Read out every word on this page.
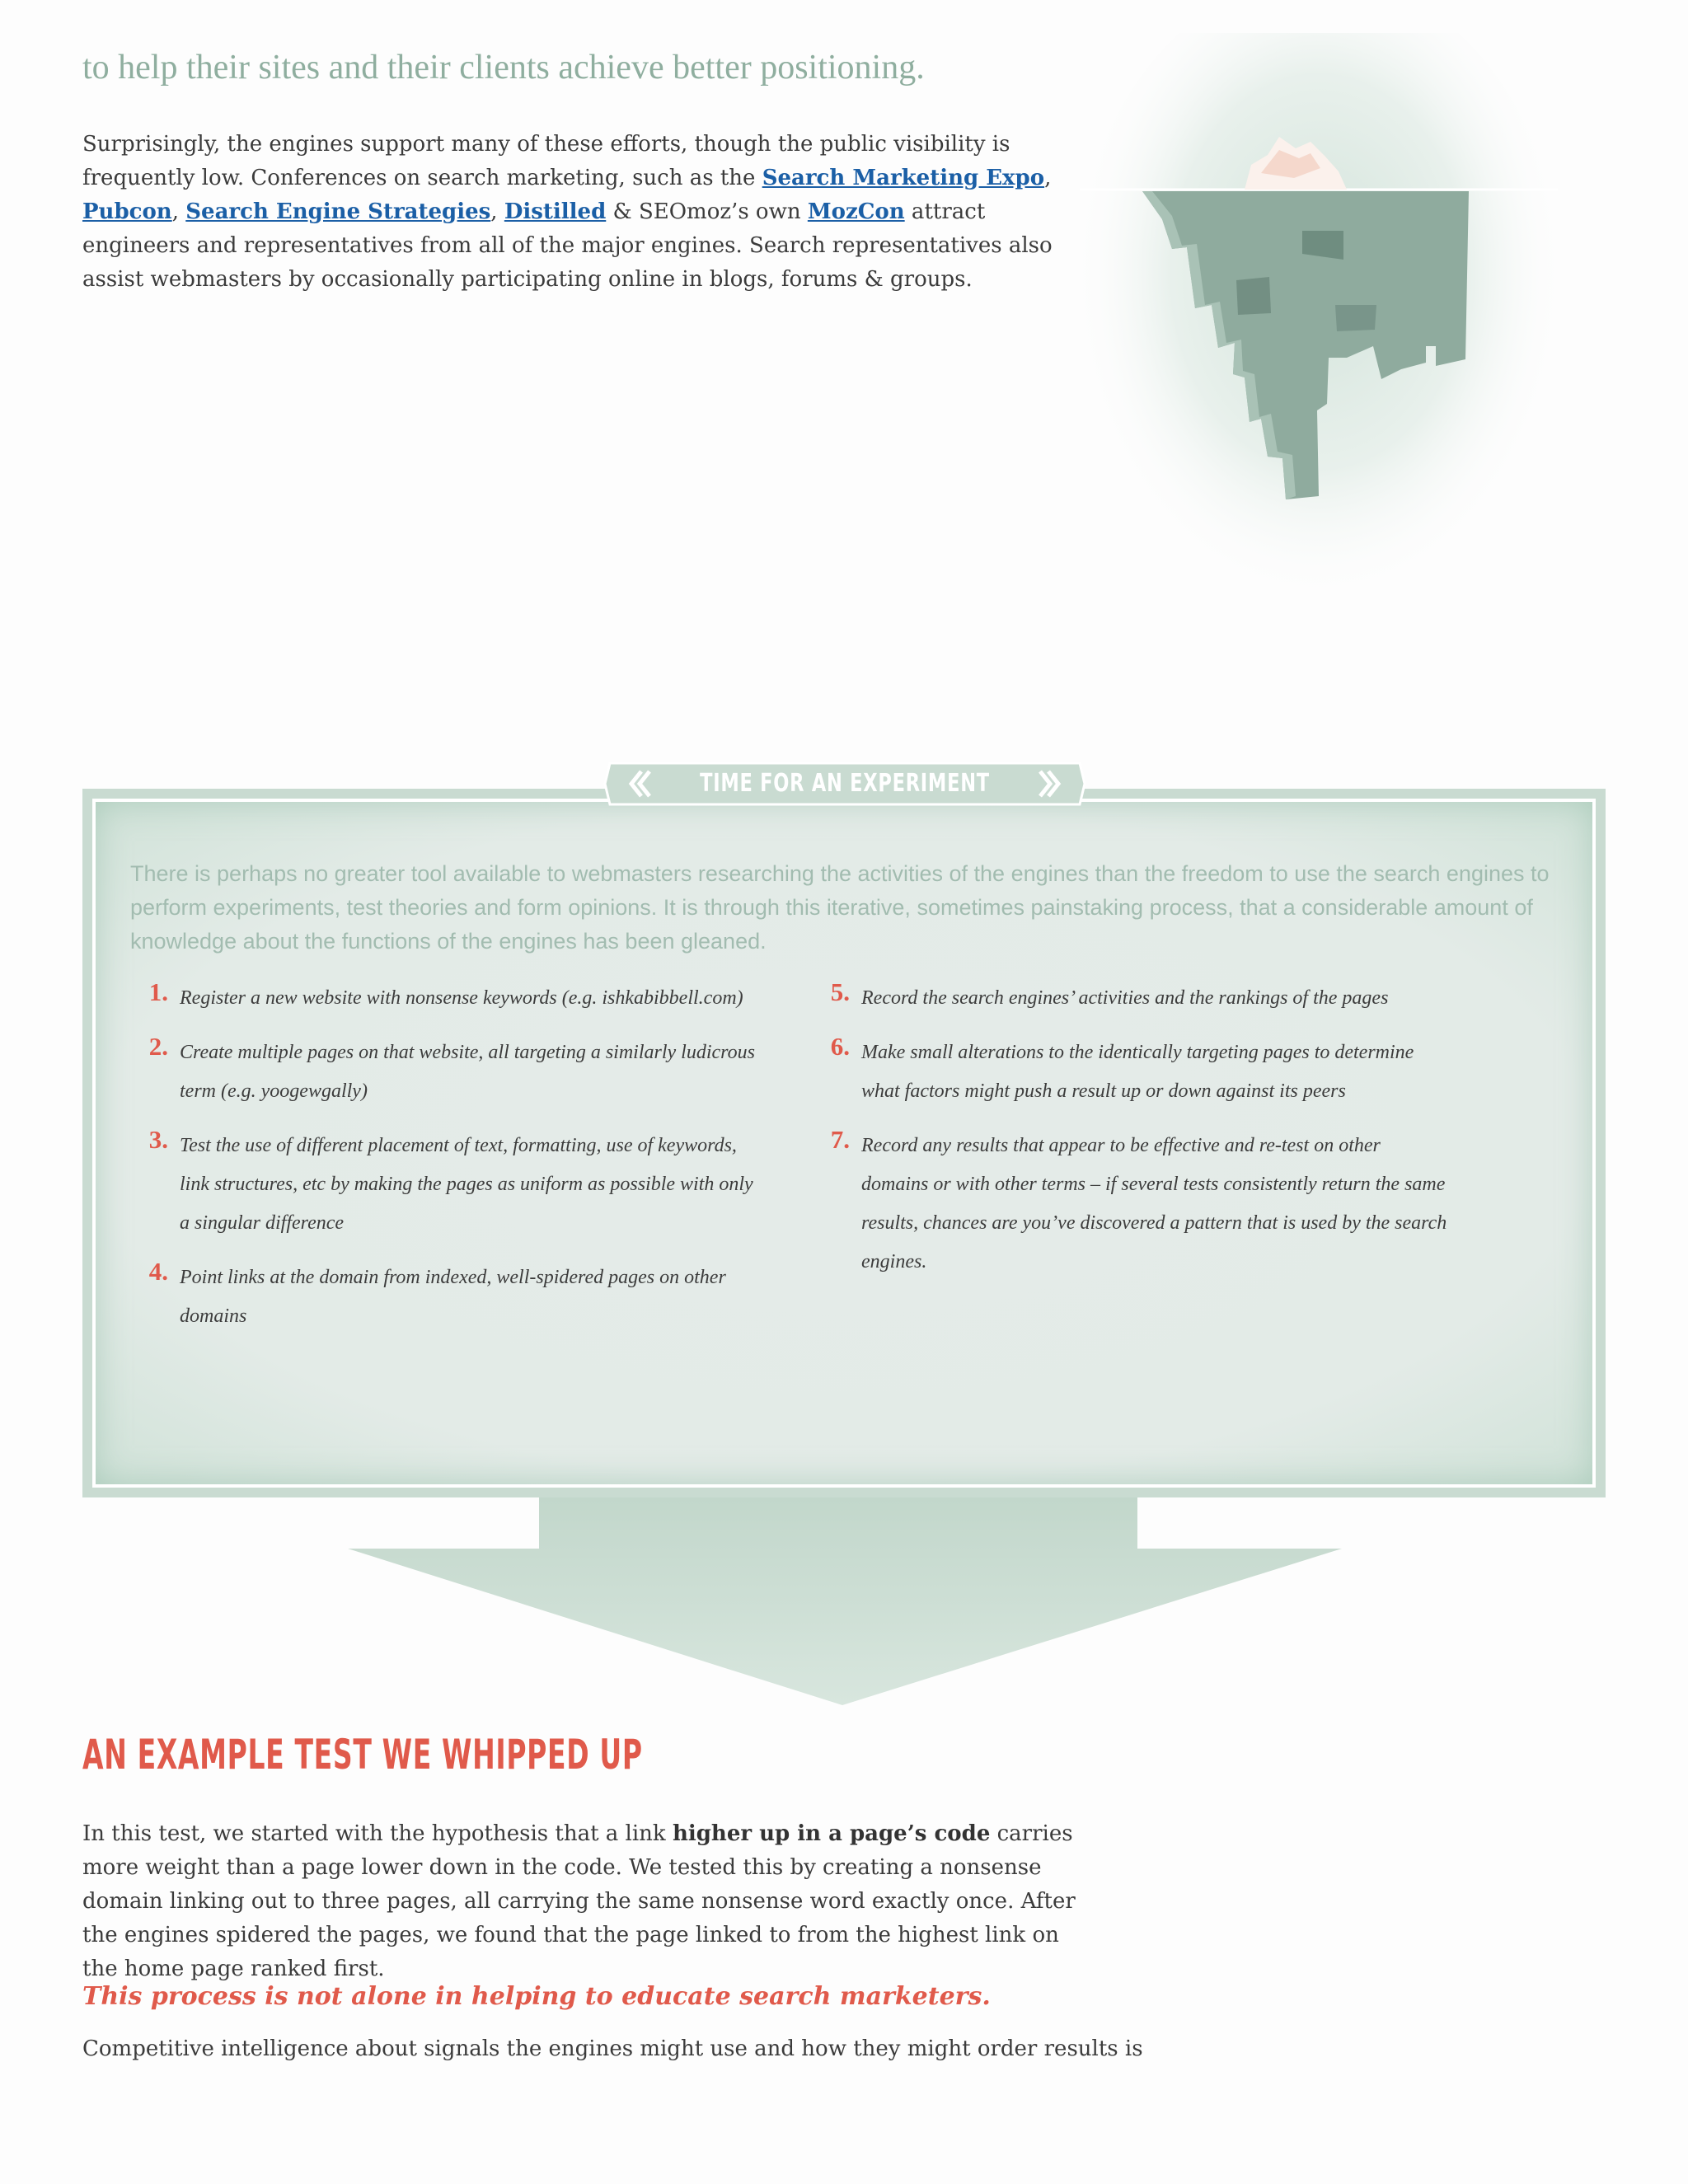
to help their sites and their clients achieve better positioning.

Surprisingly, the engines support many of these efforts, though the public visibility is frequently low. Conferences on search marketing, such as the Search Marketing Expo, Pubcon, Search Engine Strategies, Distilled & SEOmoz’s own MozCon attract engineers and representatives from all of the major engines. Search representatives also assist webmasters by occasionally participating online in blogs, forums & groups.

TIME FOR AN EXPERIMENT

There is perhaps no greater tool available to webmasters researching the activities of the engines than the freedom to use the search engines to perform experiments, test theories and form opinions. It is through this iterative, sometimes painstaking process, that a considerable amount of knowledge about the functions of the engines has been gleaned.

1. Register a new website with nonsense keywords (e.g. ishkabibbell.com)
2. Create multiple pages on that website, all targeting a similarly ludicrous term (e.g. yoogewgally)
3. Test the use of different placement of text, formatting, use of keywords, link structures, etc by making the pages as uniform as possible with only a singular difference
4. Point links at the domain from indexed, well-spidered pages on other domains
5. Record the search engines’ activities and the rankings of the pages
6. Make small alterations to the identically targeting pages to determine what factors might push a result up or down against its peers
7. Record any results that appear to be effective and re-test on other domains or with other terms – if several tests consistently return the same results, chances are you’ve discovered a pattern that is used by the search engines.
AN EXAMPLE TEST WE WHIPPED UP

In this test, we started with the hypothesis that a link higher up in a page’s code carries more weight than a page lower down in the code. We tested this by creating a nonsense domain linking out to three pages, all carrying the same nonsense word exactly once. After the engines spidered the pages, we found that the page linked to from the highest link on the home page ranked first.

This process is not alone in helping to educate search marketers.

Competitive intelligence about signals the engines might use and how they might order results is
